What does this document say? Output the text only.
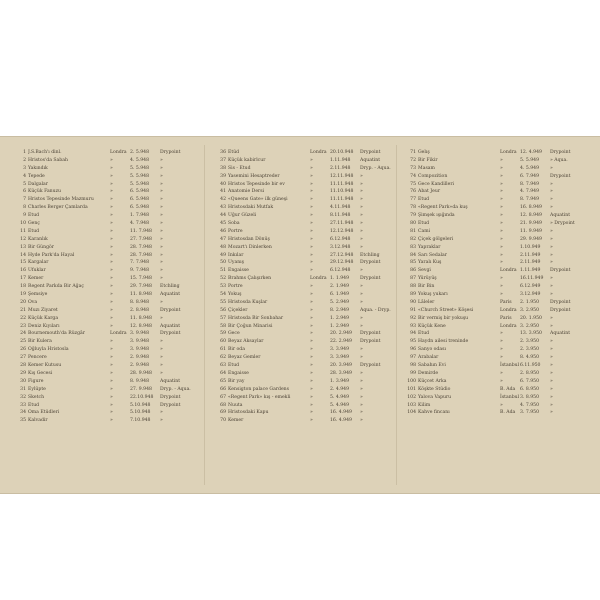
1 J.S.Bach'ı dinl.	Londra 2. 5.948	Drypoint
2 Hristos'da Sabah	»	4. 5.948	»
3 Yakındık	»	5. 5.948	»
4 Tepede	»	5. 5.948	»
5 Dalgalar	»	5. 5.948	»
6 Küçük Fanuzu	»	6. 5.948	»
7 Hristos Tepesinde Mazmuru	»	6. 5.948	»
8 Charles Berger Çamlarda	»	6. 5.948	»
9 Etud	»	1. 7.948	»
10 Genç	»	4. 7.948	»
11 Etud	»	11. 7.948	»
12 Karanlık	»	27. 7.948	»
13 Bir Güngör	»	28. 7.948	»
14 Hyde Park'da Hayal	»	28. 7.948	»
15 Kargalar	»	7. 7.948	»
16 Ufuklar	»	9. 7.948	»
17 Kemer	»	15. 7.948	»
18 Regent Parkda Bir Ağaç	»	29. 7.948	Etchling
19 Şemsiye	»	11. 8.948	Aquatint
20 Ova	»	8. 8.948	»
21 Muzı Ziyaret	»	2. 8.948	Drypoint
22 Küçük Karga	»	11. 8.948	»
23 Deniz Kıyıları	»	12. 8.948	Aquatint
24 Bournemouth'da Rüzgâr	Londra 3. 9.948	Drypoint
25 Bir Kulera	»	3. 9.948	»
26 Oğluyla Hristosla	»	3. 9.948	»
27 Pencere	»	2. 9.948	»
28 Kemer Kutusu	»	2. 9.948	»
29 Kış Gecesi	»	28. 9.948	»
30 Figure	»	8. 9.948	Aquatint
31 Eylüpte	»	27. 9.948	Dryp. - Aqua.
32 Sketch	»	22.10.948	Drypoint
33 Etud	»	5.10.948	Drypoint
34 Oma Etüdleri	»	5.10.948	»
35 Kalvadir	»	7.10.948	»
36 Etüd	Londra 20.10.948	Drypoint
37 Küçük kabirlcur	»	1.11.948	Aquatint
38 Sis - Etud	»	2.11.948	Dryp. - Aqua.
39 Yasemini Hesaptreder	»	12.11.948	»
40 Hristos Tepesinde bir ev	»	11.11.948	»
41 Anatomie Dersi	»	11.10.948	»
42 «Queens Gate» ilk güneşi	»	11.11.948	»
43 Hristosdaki Mutfak	»	4.11.948	»
44 Uğur Güzeli	»	8.11.948	»
45 Soba	»	27.11.948	»
46 Portre	»	12.12.948	»
47 Hristosdan Dönüş	»	6.12.948	»
48 Mozart'ı Dinlerken	»	3.12.948	»
49 İnkılar	»	27.12.948	Etchling
50 Uyanış	»	29.12.948	Drypoint
51 Engaisse	»	6.12.948	»
52 Brahms Çalışırken	Londra 1. 1.949	Drypoint
53 Portre	»	2. 1.949	»
54 Yokuş	»	6. 1.949	»
55 Hristosda Kuşlar	»	5. 2.949	»
56 Çiçekler	»	8. 2.949	Aqua. - Dryp.
57 Hristosda Bir Sonbahar	»	1. 2.949	»
58 Bir Çoğun Minarisi	»	1. 2.949	»
59 Gece	»	20. 2.949	Drypoint
60 Beyaz Aksaylar	»	22. 2.949	Drypoint
61 Bir oda	»	3. 3.949	»
62 Beyaz Gemler	»	3. 3.949	»
63 Etud	»	20. 3.949	Drypoint
64 Engaisse	»	28. 3.949	»
65 Bir yay	»	1. 3.949	»
66 Kensigton palace Gardens	»	2. 4.949	»
67 «Regent Park» kış - emekli	»	5. 4.949	»
68 Nuuta	»	5. 4.949	»
69 Hristosdaki Kapu	»	16. 4.949	»
70 Kemer	»	16. 4.949	»
71 Gelış	Londra 12. 4.949	Drypoint
72 Bir Fikir	»	5. 5.949	» Aqua.
73 Masam	»	4. 5.949	»
74 Compozition	»	6. 7.949	Drypoint
75 Gece Kandilleri	»	8. 7.949	»
76 Abat Jeur	»	4. 7.949	»
77 Etud	»	8. 7.949	»
78 «Regent Park»da kuş	»	16. 8.949	»
79 Şimşek ışığında	»	12. 8.949	Aquatint
80 Etud	»	21. 9.949	» Drypoint
81 Cami	»	11. 9.949	»
82 Çiçek gölgeleri	»	29. 9.949	»
83 Yapraklar	»	1.10.949	»
84 Sarı Sedalar	»	2.11.949	»
85 Yaralı Kuş	»	2.11.949	»
86 Sevgi	Londra 1.11.949	Drypoint
87 Yürüyüş	»	16.11.949	»
88 Bir Bin	»	6.12.949	»
89 Yokuş yukarı	»	3.12.949	»
90 Lâleler	Paris	2. 1.950	Drypoint
91 «Church Street» Köşesi	Londra 3. 2.950	Drypoint
92 Bir vermiş bir yokuşu	Paris	20. 1.950	»
93 Küçük Kene	Londra 3. 2.950	»
94 Etud	»	13. 3.950	Aquatint
95 Haydn ailesi treninde	»	2. 3.950	»
96 Sanyo odası	»	2. 3.950	»
97 Arabalar	»	8. 4.950	»
98 Sabahın Evi	İstanbul 6.11.950	»
99 Demirde	»	2. 8.950	»
100 Küçcet Arka	»	6. 7.950	»
101 Köşkte Stüdio	B. Ada	6. 8.950	»
102 Yalova Vapuru	İstanbul 3. 8.950	»
103 Kilim	»	4. 7.950	»
104 Kahve fincanı	B. Ada	3. 7.950	»
